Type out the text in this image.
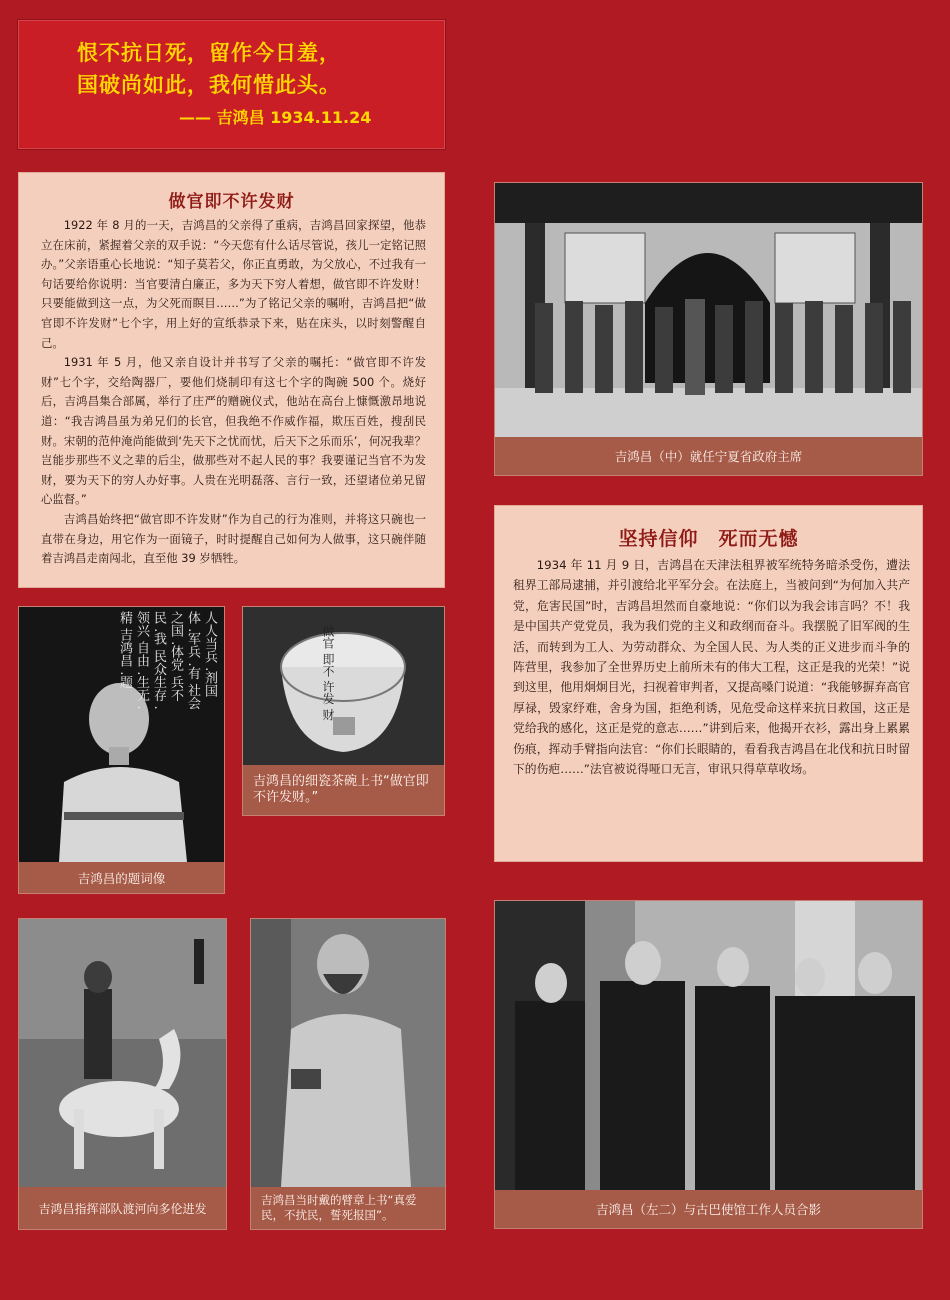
恨不抗日死，留作今日羞，
国破尚如此，我何惜此头。
—— 吉鸿昌 1934.11.24
做官即不许发财

1922 年 8 月的一天，吉鸿昌的父亲得了重病，吉鸿昌回家探望，他恭立在床前，紧握着父亲的双手说：“今天您有什么话尽管说，孩儿一定铭记照办。”父亲语重心长地说：“知子莫若父，你正直勇敢，为父放心，不过我有一句话要给你说明：当官要清白廉正，多为天下穷人着想，做官即不许发财！只要能做到这一点，为父死而瞑目……”为了铭记父亲的嘱咐，吉鸿昌把“做官即不许发财”七个字，用上好的宣纸恭录下来，贴在床头，以时刻警醒自己。

1931 年 5 月，他又亲自设计并书写了父亲的嘱托：“做官即不许发财”七个字，交给陶器厂，要他们烧制印有这七个字的陶碗 500 个。烧好后，吉鸿昌集合部属，举行了庄严的赠碗仪式，他站在高台上慷慨激昂地说道：“我吉鸿昌虽为弟兄们的长官，但我绝不作威作福，欺压百姓，搜刮民财。宋朝的范仲淹尚能做到‘先天下之忧而忧，后天下之乐而乐’，何况我辈？岂能步那些不义之辈的后尘，做那些对不起人民的事？我要谨记当官不为发财，要为天下的穷人办好事。人贵在光明磊落、言行一致，还望诸位弟兄留心监督。”

吉鸿昌始终把“做官即不许发财”作为自己的行为准则，并将这只碗也一直带在身边，用它作为一面镜子，时时提醒自己如何为人做事，这只碗伴随着吉鸿昌走南闯北，直至他 39 岁牺牲。

吉鸿昌（中）就任宁夏省政府主席
坚持信仰　死而无憾

1934 年 11 月 9 日，吉鸿昌在天津法租界被军统特务暗杀受伤，遭法租界工部局逮捕，并引渡给北平军分会。在法庭上，当被问到“为何加入共产党，危害民国”时，吉鸿昌坦然而自豪地说：“你们以为我会讳言吗？不！我是中国共产党党员，我为我们党的主义和政纲而奋斗。我摆脱了旧军阀的生活，而转到为工人、为劳动群众、为全国人民、为人类的正义进步而斗争的阵营里，我参加了全世界历史上前所未有的伟大工程，这正是我的光荣！”说到这里，他用炯炯目光，扫视着审判者，又提高嗓门说道：“我能够摒弃高官厚禄，毁家纾难，舍身为国，拒绝利诱，见危受命这样来抗日救国，这正是党给我的感化，这正是党的意志……”讲到后来，他揭开衣衫，露出身上累累伤痕，挥动手臂指向法官：“你们长眼睛的，看看我吉鸿昌在北伐和抗日时留下的伤疤……”法官被说得哑口无言，审讯只得草草收场。

人人当兵 .剂国 体 .军兵 .有 社会之国 .体党 兵不民 .我 民众生存 .领兴 自由 .生无 .精 吉鸿昌 .题
吉鸿昌的题词像
做官 即不 许发 财
吉鸿昌的细瓷茶碗上书“做官即不许发财。”
吉鸿昌指挥部队渡河向多伦进发
吉鸿昌当时戴的臂章上书“真爱民，不扰民，誓死报国”。	吉鸿昌（左二）与古巴使馆工作人员合影
